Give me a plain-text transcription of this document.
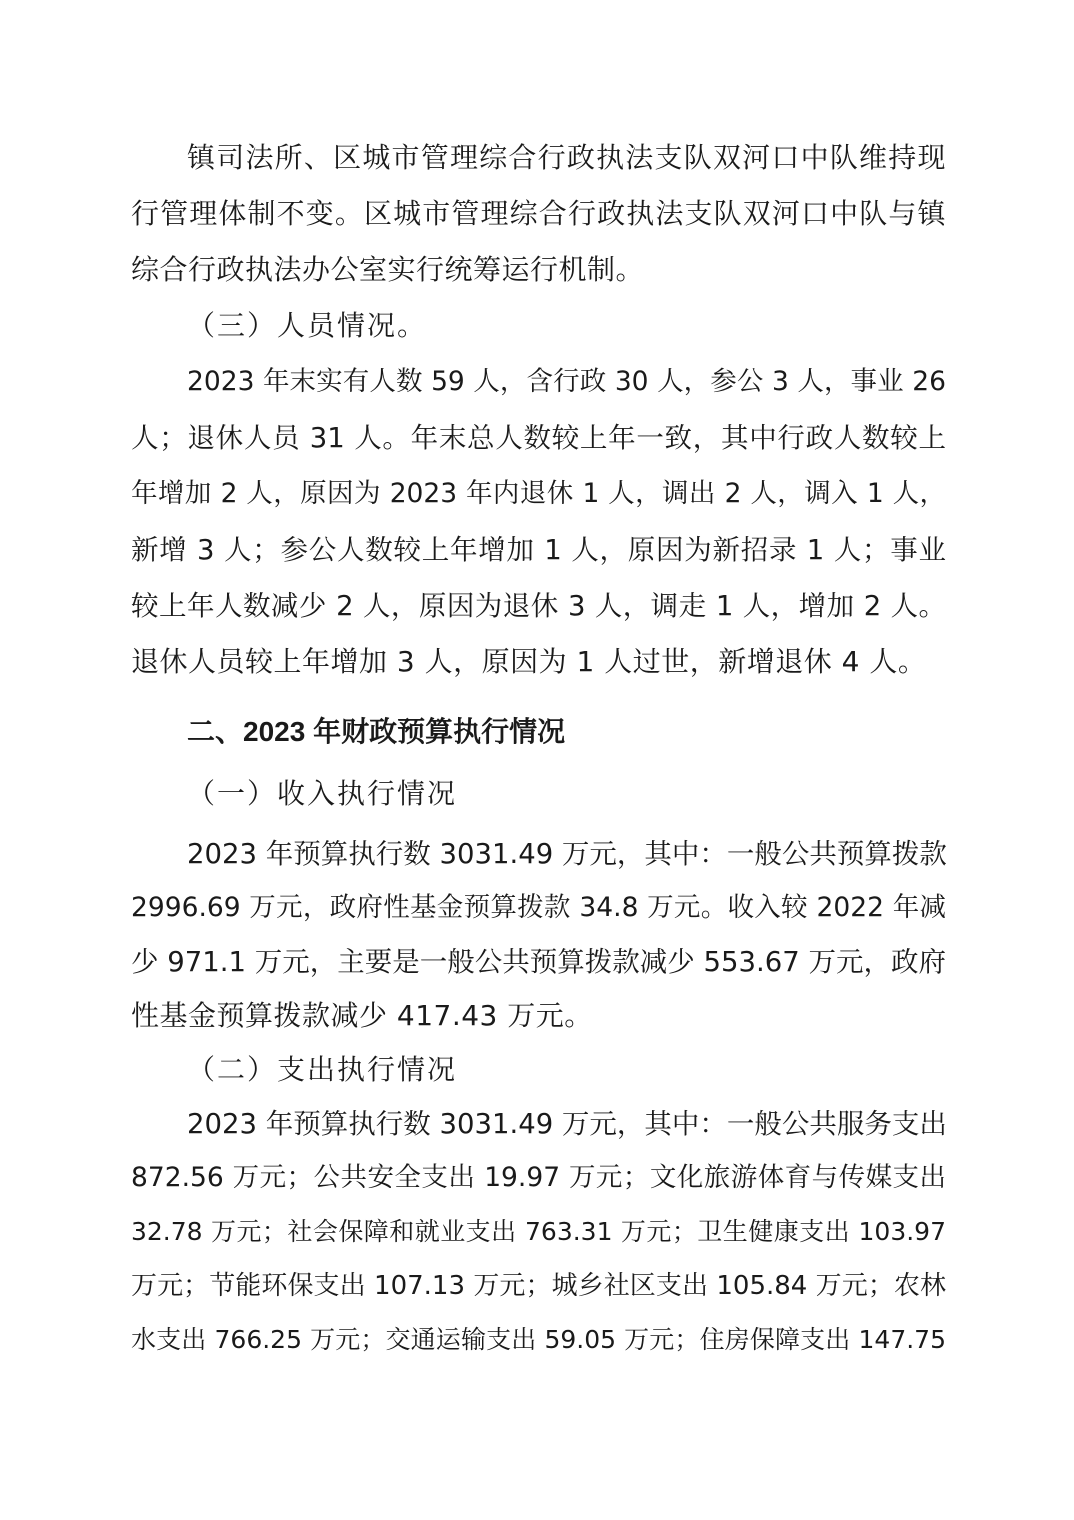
镇司法所、区城市管理综合行政执法支队双河口中队维持现
行管理体制不变。区城市管理综合行政执法支队双河口中队与镇
综合行政执法办公室实行统筹运行机制。
（三）人员情况。
2023 年末实有人数 59 人，含行政 30 人，参公 3 人，事业 26
人；退休人员 31 人。年末总人数较上年一致，其中行政人数较上
年增加 2 人，原因为 2023 年内退休 1 人，调出 2 人，调入 1 人，
新增 3 人；参公人数较上年增加 1 人，原因为新招录 1 人；事业
较上年人数减少 2 人，原因为退休 3 人，调走 1 人，增加 2 人。
退休人员较上年增加 3 人，原因为 1 人过世，新增退休 4 人。
二、2023 年财政预算执行情况
（一）收入执行情况
2023 年预算执行数 3031.49 万元，其中：一般公共预算拨款
2996.69 万元，政府性基金预算拨款 34.8 万元。收入较 2022 年减
少 971.1 万元，主要是一般公共预算拨款减少 553.67 万元，政府
性基金预算拨款减少 417.43 万元。
（二）支出执行情况
2023 年预算执行数 3031.49 万元，其中：一般公共服务支出
872.56 万元；公共安全支出 19.97 万元；文化旅游体育与传媒支出
32.78 万元；社会保障和就业支出 763.31 万元；卫生健康支出 103.97
万元；节能环保支出 107.13 万元；城乡社区支出 105.84 万元；农林
水支出 766.25 万元；交通运输支出 59.05 万元；住房保障支出 147.75
